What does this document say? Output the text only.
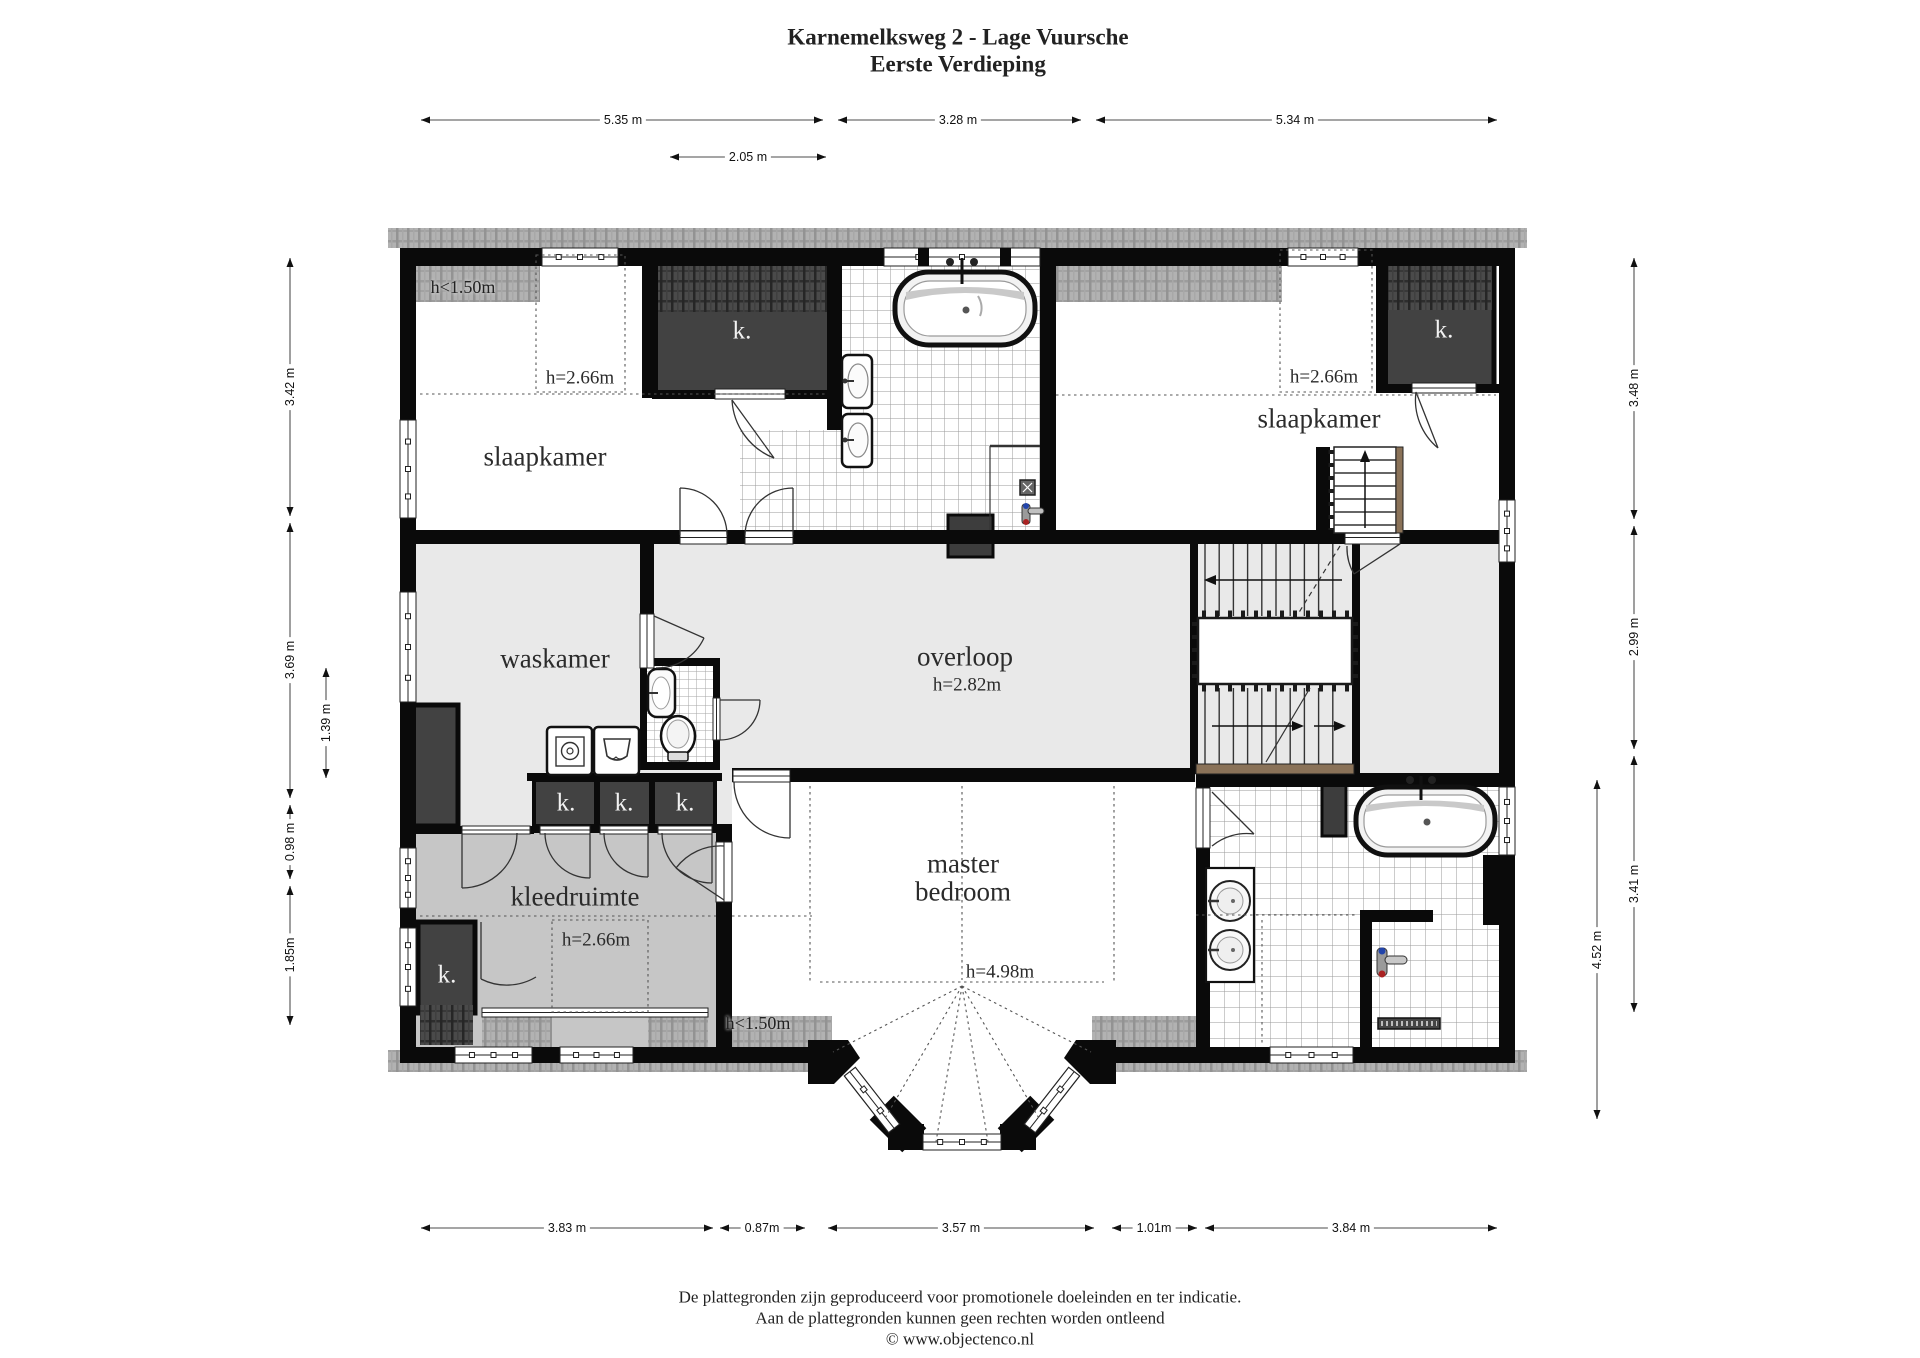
Karnemelksweg 2 - Lage Vuursche
Eerste Verdieping
slaapkamer
h=2.66m
slaapkamer
h=2.66m
waskamer	overloop
h=2.82m
master
bedroom
h=4.98m
kleedruimte
h=2.66m
h<1.50m
h<1.50m
k.	k.
k.
k. k. k.
5.35 m	3.28 m	5.34 m
2.05 m
3.83 m	0.87m	3.57 m	1.01m	3.84 m
3.42 m
3.69 m
0.98 m
1.85m
1.39 m
3.48 m
2.99 m
3.41 m
4.52 m
De plattegronden zijn geproduceerd voor promotionele doeleinden en ter indicatie.
Aan de plattegronden kunnen geen rechten worden ontleend
© www.objectenco.nl
